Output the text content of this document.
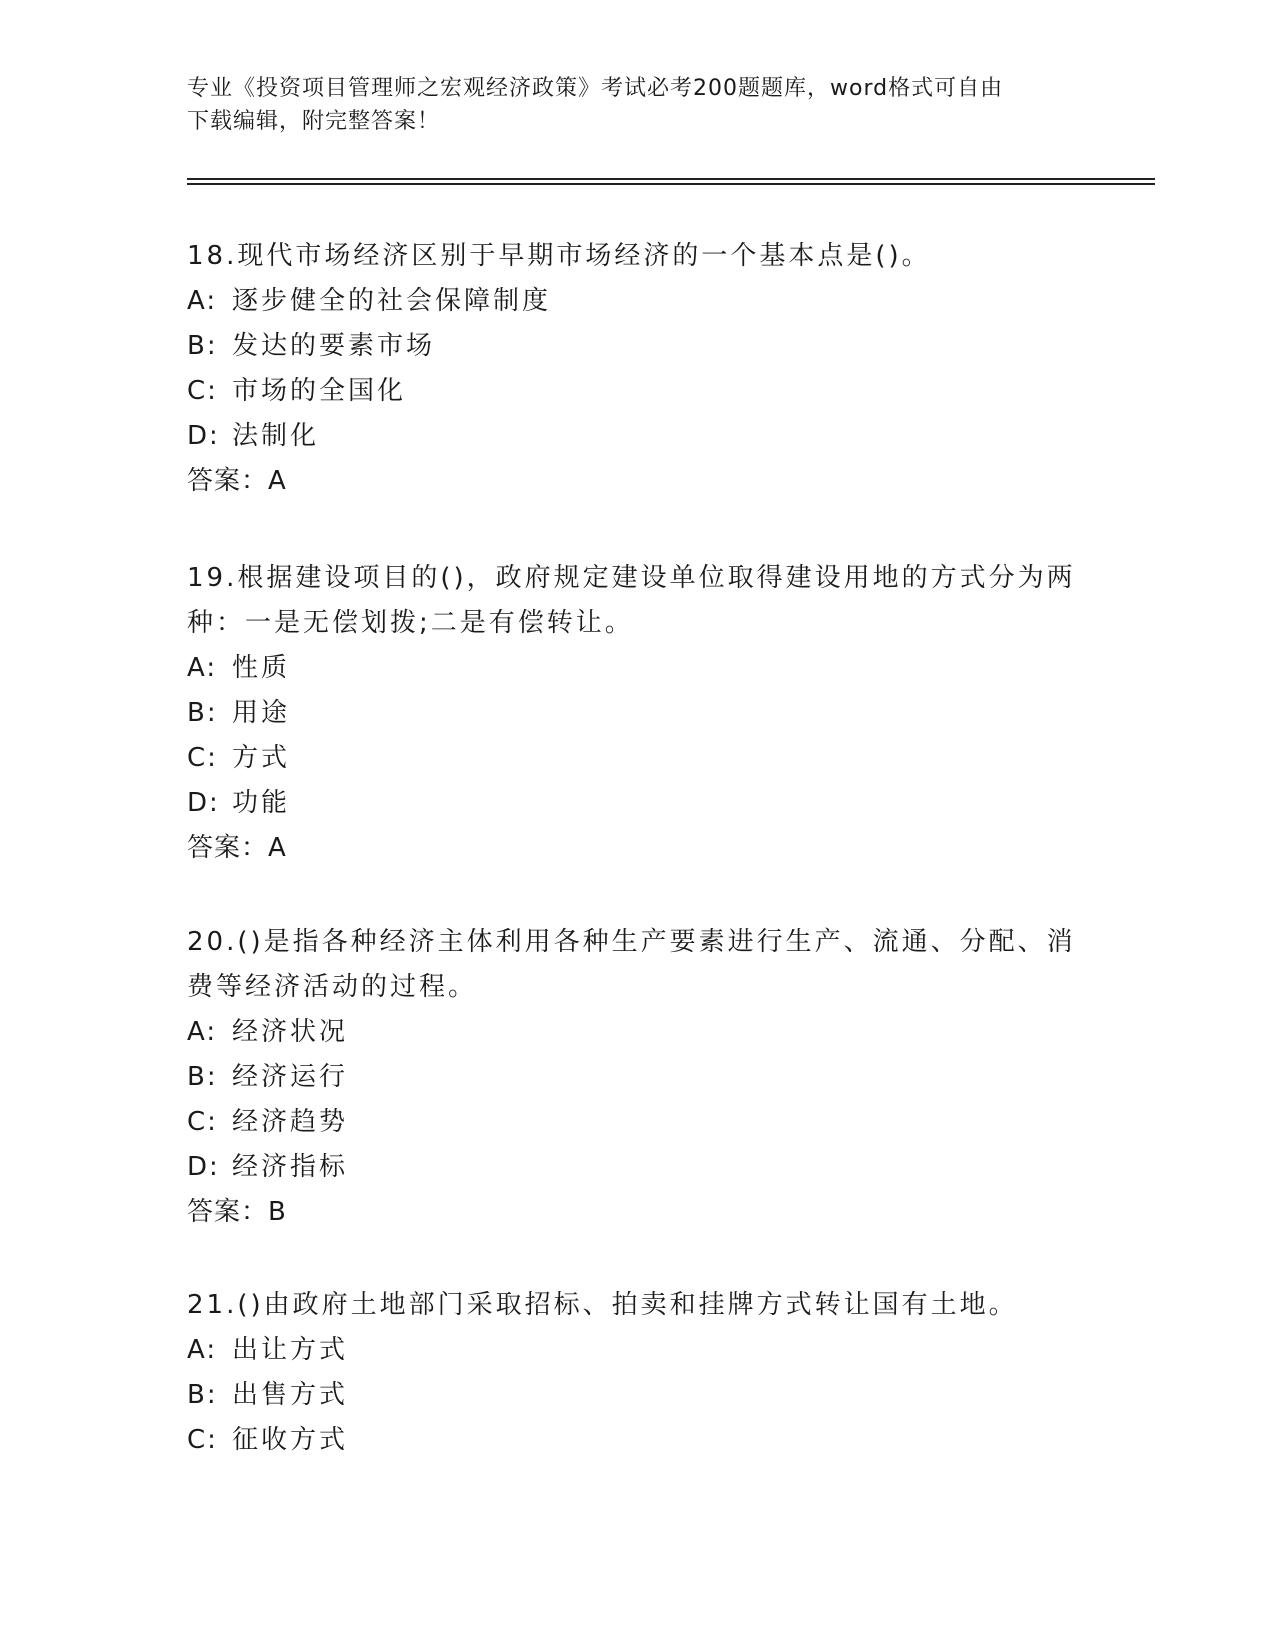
专业《投资项目管理师之宏观经济政策》考试必考200题题库，word格式可自由
下载编辑，附完整答案！
18.现代市场经济区别于早期市场经济的一个基本点是()。
A: 逐步健全的社会保障制度
B: 发达的要素市场
C: 市场的全国化
D: 法制化
答案：A
19.根据建设项目的()，政府规定建设单位取得建设用地的方式分为两
种：一是无偿划拨;二是有偿转让。
A: 性质
B: 用途
C: 方式
D: 功能
答案：A
20.()是指各种经济主体利用各种生产要素进行生产、流通、分配、消
费等经济活动的过程。
A: 经济状况
B: 经济运行
C: 经济趋势
D: 经济指标
答案：B
21.()由政府土地部门采取招标、拍卖和挂牌方式转让国有土地。
A: 出让方式
B: 出售方式
C: 征收方式
